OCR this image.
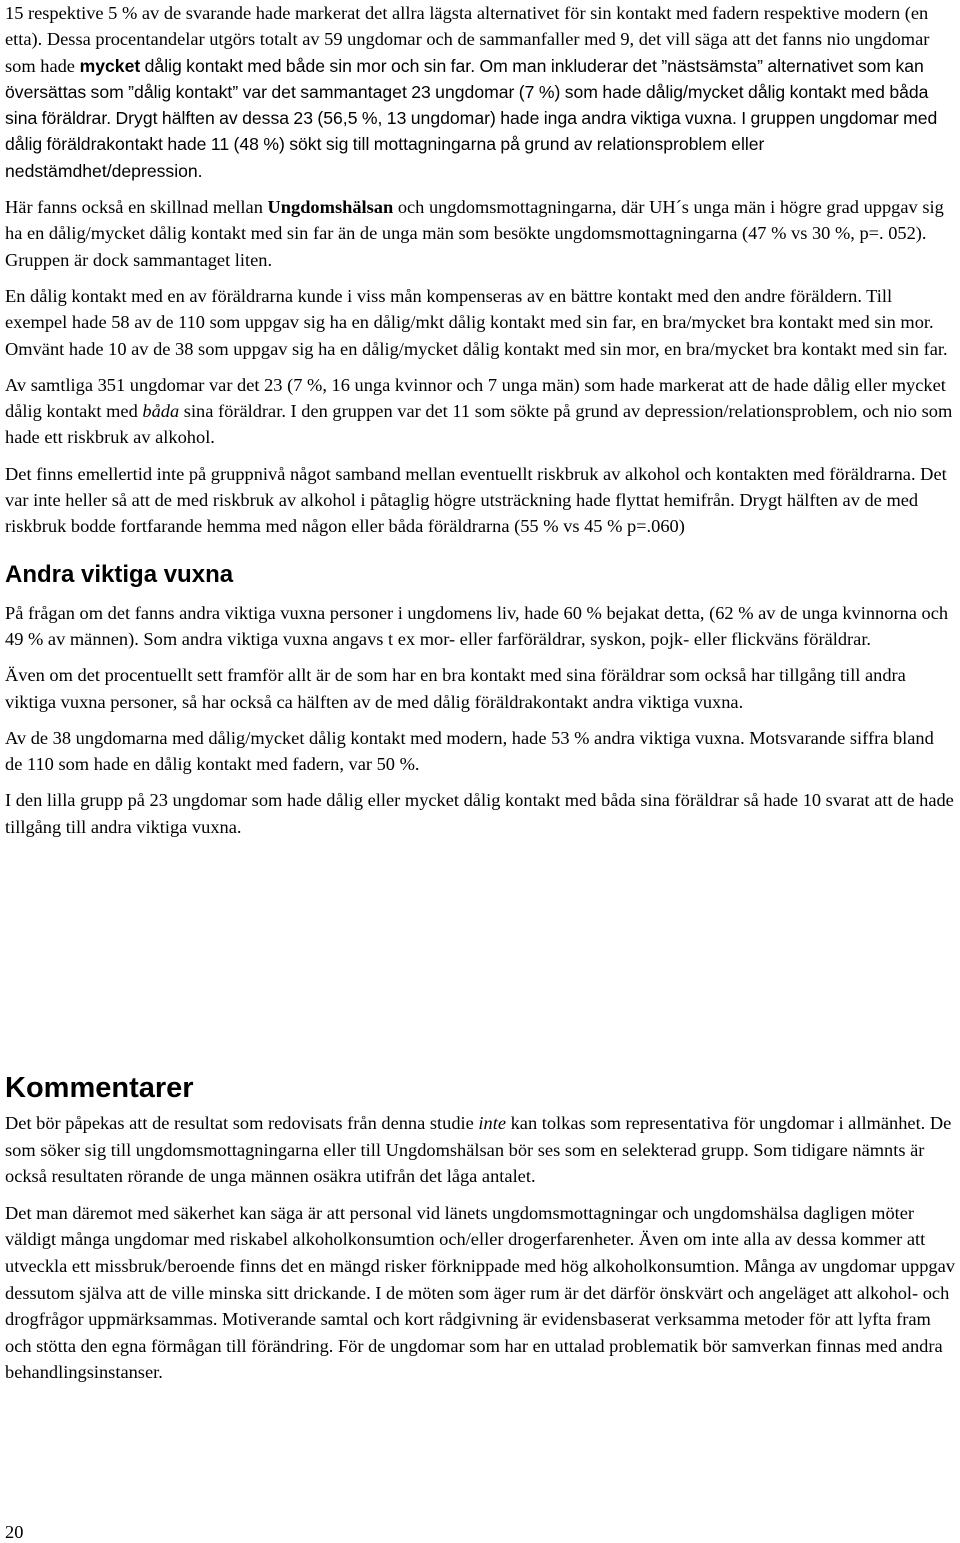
15 respektive 5 % av de svarande hade markerat det allra lägsta alternativet för sin kontakt med fadern respektive modern (en etta). Dessa procentandelar utgörs totalt av 59 ungdomar och de sammanfaller med 9, det vill säga att det fanns nio ungdomar som hade mycket dålig kontakt med både sin mor och sin far. Om man inkluderar det ”nästsämsta” alternativet som kan översättas som ”dålig kontakt” var det sammantaget 23 ungdomar (7 %) som hade dålig/mycket dålig kontakt med båda sina föräldrar. Drygt hälften av dessa 23 (56,5 %, 13 ungdomar) hade inga andra viktiga vuxna. I gruppen ungdomar med dålig föräldrakontakt hade 11 (48 %) sökt sig till mottagningarna på grund av relationsproblem eller nedstämdhet/depression.

Här fanns också en skillnad mellan Ungdomshälsan och ungdomsmottagningarna, där UH´s unga män i högre grad uppgav sig ha en dålig/mycket dålig kontakt med sin far än de unga män som besökte ungdomsmottagningarna (47 % vs 30 %, p=. 052). Gruppen är dock sammantaget liten.

En dålig kontakt med en av föräldrarna kunde i viss mån kompenseras av en bättre kontakt med den andre föräldern. Till exempel hade 58 av de 110 som uppgav sig ha en dålig/mkt dålig kontakt med sin far, en bra/mycket bra kontakt med sin mor. Omvänt hade 10 av de 38 som uppgav sig ha en dålig/mycket dålig kontakt med sin mor, en bra/mycket bra kontakt med sin far.

Av samtliga 351 ungdomar var det 23 (7 %, 16 unga kvinnor och 7 unga män) som hade markerat att de hade dålig eller mycket dålig kontakt med båda sina föräldrar. I den gruppen var det 11 som sökte på grund av depression/relationsproblem, och nio som hade ett riskbruk av alkohol.

Det finns emellertid inte på gruppnivå något samband mellan eventuellt riskbruk av alkohol och kontakten med föräldrarna. Det var inte heller så att de med riskbruk av alkohol i påtaglig högre utsträckning hade flyttat hemifrån. Drygt hälften av de med riskbruk bodde fortfarande hemma med någon eller båda föräldrarna (55 % vs 45 % p=.060)

Andra viktiga vuxna

På frågan om det fanns andra viktiga vuxna personer i ungdomens liv, hade 60 % bejakat detta, (62 % av de unga kvinnorna och 49 % av männen). Som andra viktiga vuxna angavs t ex mor- eller farföräldrar, syskon, pojk- eller flickväns föräldrar.

Även om det procentuellt sett framför allt är de som har en bra kontakt med sina föräldrar som också har tillgång till andra viktiga vuxna personer, så har också ca hälften av de med dålig föräldrakontakt andra viktiga vuxna.

Av de 38 ungdomarna med dålig/mycket dålig kontakt med modern, hade 53 % andra viktiga vuxna. Motsvarande siffra bland de 110 som hade en dålig kontakt med fadern, var 50 %.

I den lilla grupp på 23 ungdomar som hade dålig eller mycket dålig kontakt med båda sina föräldrar så hade 10 svarat att de hade tillgång till andra viktiga vuxna.

Kommentarer

Det bör påpekas att de resultat som redovisats från denna studie inte kan tolkas som representativa för ungdomar i allmänhet. De som söker sig till ungdomsmottagningarna eller till Ungdomshälsan bör ses som en selekterad grupp. Som tidigare nämnts är också resultaten rörande de unga männen osäkra utifrån det låga antalet.

Det man däremot med säkerhet kan säga är att personal vid länets ungdomsmottagningar och ungdomshälsa dagligen möter väldigt många ungdomar med riskabel alkoholkonsumtion och/eller drogerfarenheter. Även om inte alla av dessa kommer att utveckla ett missbruk/beroende finns det en mängd risker förknippade med hög alkoholkonsumtion. Många av ungdomar uppgav dessutom själva att de ville minska sitt drickande. I de möten som äger rum är det därför önskvärt och angeläget att alkohol- och drogfrågor uppmärksammas. Motiverande samtal och kort rådgivning är evidensbaserat verksamma metoder för att lyfta fram och stötta den egna förmågan till förändring. För de ungdomar som har en uttalad problematik bör samverkan finnas med andra behandlingsinstanser.

20
